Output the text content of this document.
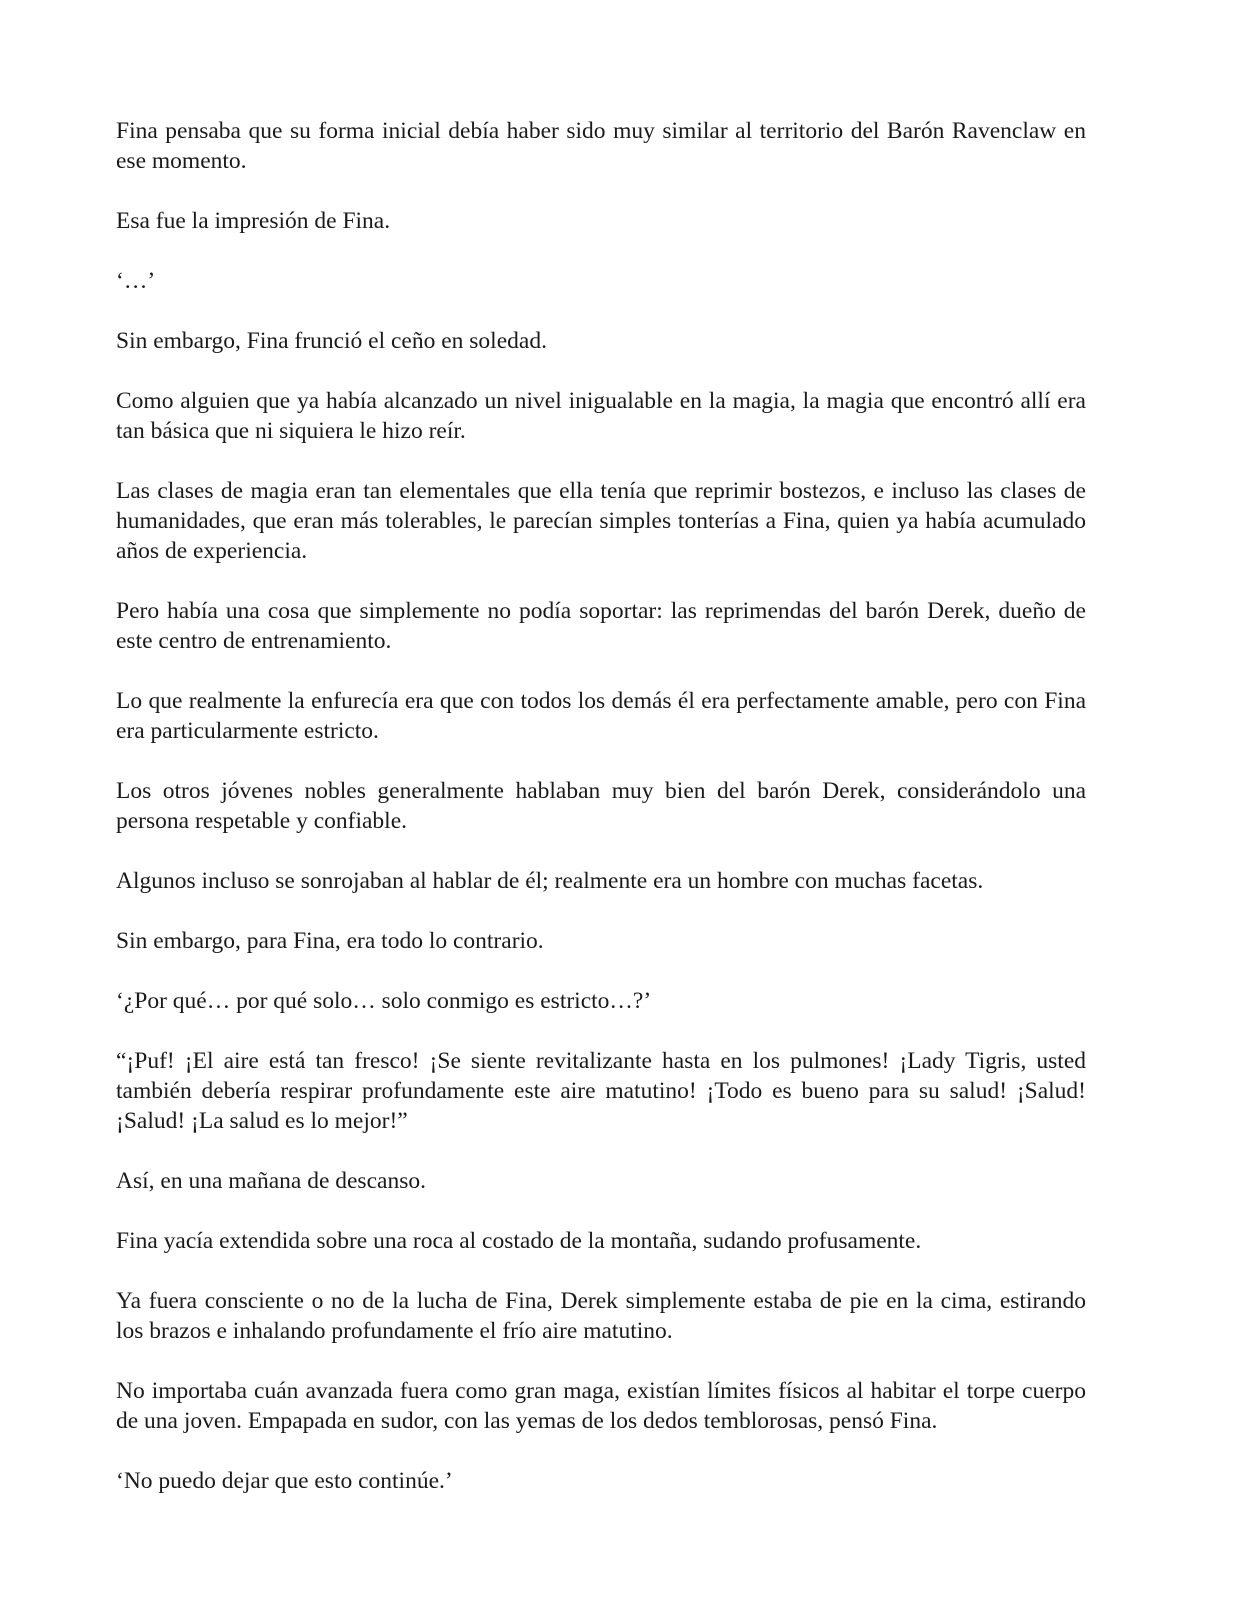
Fina pensaba que su forma inicial debía haber sido muy similar al territorio del Barón Ravenclaw en ese momento.

Esa fue la impresión de Fina.

‘…’

Sin embargo, Fina frunció el ceño en soledad.

Como alguien que ya había alcanzado un nivel inigualable en la magia, la magia que encontró allí era tan básica que ni siquiera le hizo reír.

Las clases de magia eran tan elementales que ella tenía que reprimir bostezos, e incluso las clases de humanidades, que eran más tolerables, le parecían simples tonterías a Fina, quien ya había acumulado años de experiencia.

Pero había una cosa que simplemente no podía soportar: las reprimendas del barón Derek, dueño de este centro de entrenamiento.

Lo que realmente la enfurecía era que con todos los demás él era perfectamente amable, pero con Fina era particularmente estricto.

Los otros jóvenes nobles generalmente hablaban muy bien del barón Derek, considerándolo una persona respetable y confiable.

Algunos incluso se sonrojaban al hablar de él; realmente era un hombre con muchas facetas.

Sin embargo, para Fina, era todo lo contrario.

‘¿Por qué… por qué solo… solo conmigo es estricto…?’

“¡Puf! ¡El aire está tan fresco! ¡Se siente revitalizante hasta en los pulmones! ¡Lady Tigris, usted también debería respirar profundamente este aire matutino! ¡Todo es bueno para su salud! ¡Salud! ¡Salud! ¡La salud es lo mejor!”

Así, en una mañana de descanso.

Fina yacía extendida sobre una roca al costado de la montaña, sudando profusamente.

Ya fuera consciente o no de la lucha de Fina, Derek simplemente estaba de pie en la cima, estirando los brazos e inhalando profundamente el frío aire matutino.

No importaba cuán avanzada fuera como gran maga, existían límites físicos al habitar el torpe cuerpo de una joven. Empapada en sudor, con las yemas de los dedos temblorosas, pensó Fina.

‘No puedo dejar que esto continúe.’
